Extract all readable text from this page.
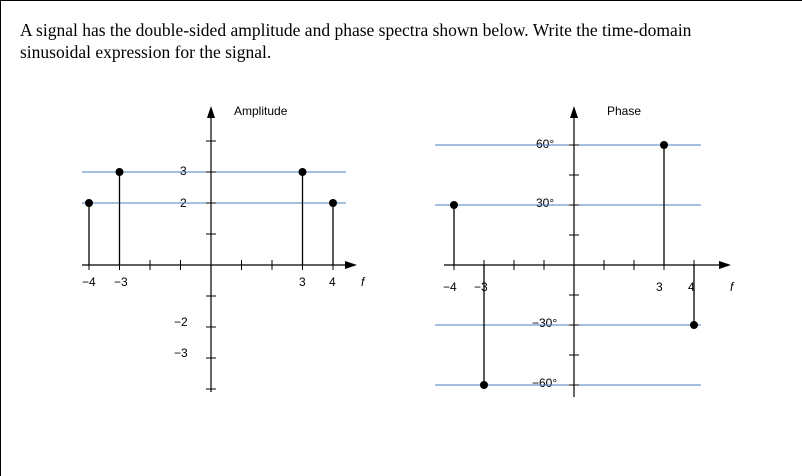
A signal has the double-sided amplitude and phase spectra shown below. Write the time-domain
sinusoidal expression for the signal.
Amplitude
f
−4 −3	3 4
3
2
−2
−3
Phase
f
−4 −3	3 4
60°
30°
−30°
−60°
